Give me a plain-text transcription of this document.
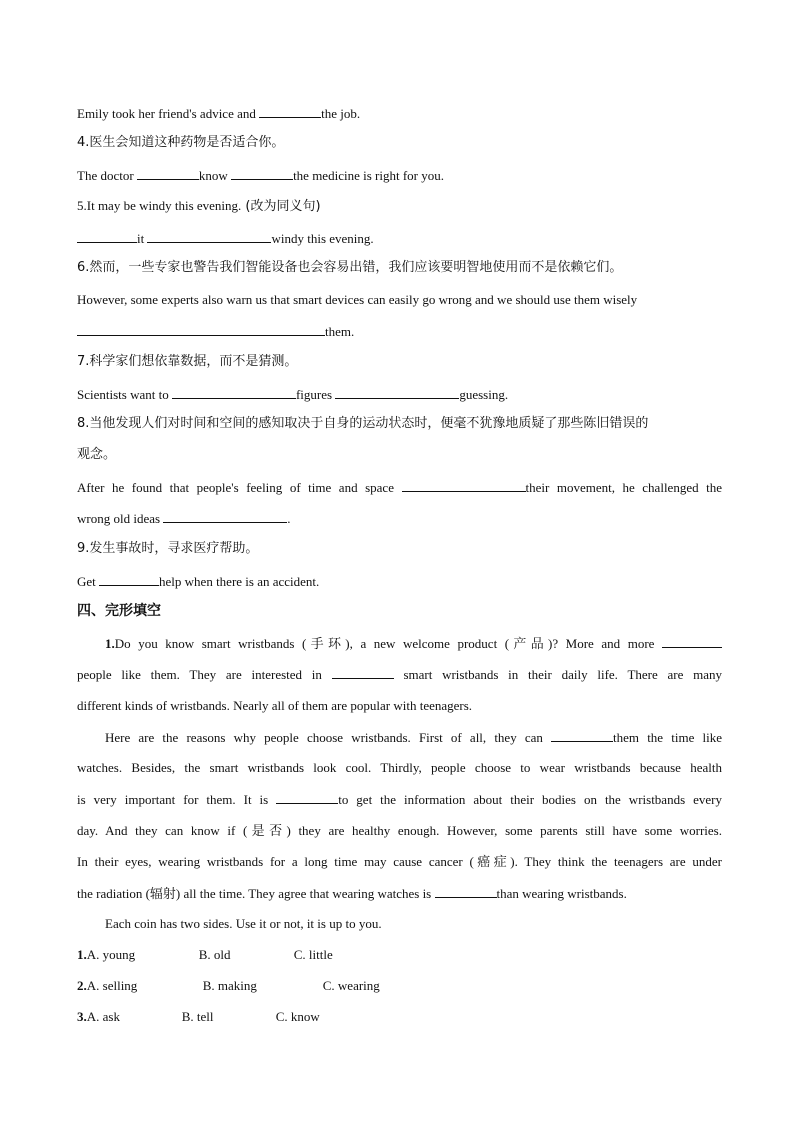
Emily took her friend's advice and	the job.
4.医生会知道这种药物是否适合你。
The doctor	know	the medicine is right for you.
5.It may be windy this evening. (改为同义句)
it	windy this evening.
6.然而，一些专家也警告我们智能设备也会容易出错，我们应该要明智地使用而不是依赖它们。
However, some experts also warn us that smart devices can easily go wrong and we should use them wisely
them.
7.科学家们想依靠数据，而不是猜测。
Scientists want to	figures	guessing.
8.当他发现人们对时间和空间的感知取决于自身的运动状态时，便毫不犹豫地质疑了那些陈旧错误的
观念。
After he found that people's feeling of time and space	their movement, he challenged the
wrong old ideas	.
9.发生事故时，寻求医疗帮助。
Get	help when there is an accident.
四、完形填空
1.Do you know smart wristbands (手环), a new welcome product (产品)? More and more
people like them. They are interested in	smart wristbands in their daily life. There are many
different kinds of wristbands. Nearly all of them are popular with teenagers.
Here are the reasons why people choose wristbands. First of all, they can	them the time like
watches. Besides, the smart wristbands look cool. Thirdly, people choose to wear wristbands because health
is very important for them. It is	to get the information about their bodies on the wristbands every
day. And they can know if (是否) they are healthy enough. However, some parents still have some worries.
In their eyes, wearing wristbands for a long time may cause cancer (癌症). They think the teenagers are under
the radiation (辐射) all the time. They agree that wearing watches is	than wearing wristbands.
Each coin has two sides. Use it or not, it is up to you.
1.A. young	B. old	C. little
2.A. selling	B. making	C. wearing
3.A. ask	B. tell	C. know
